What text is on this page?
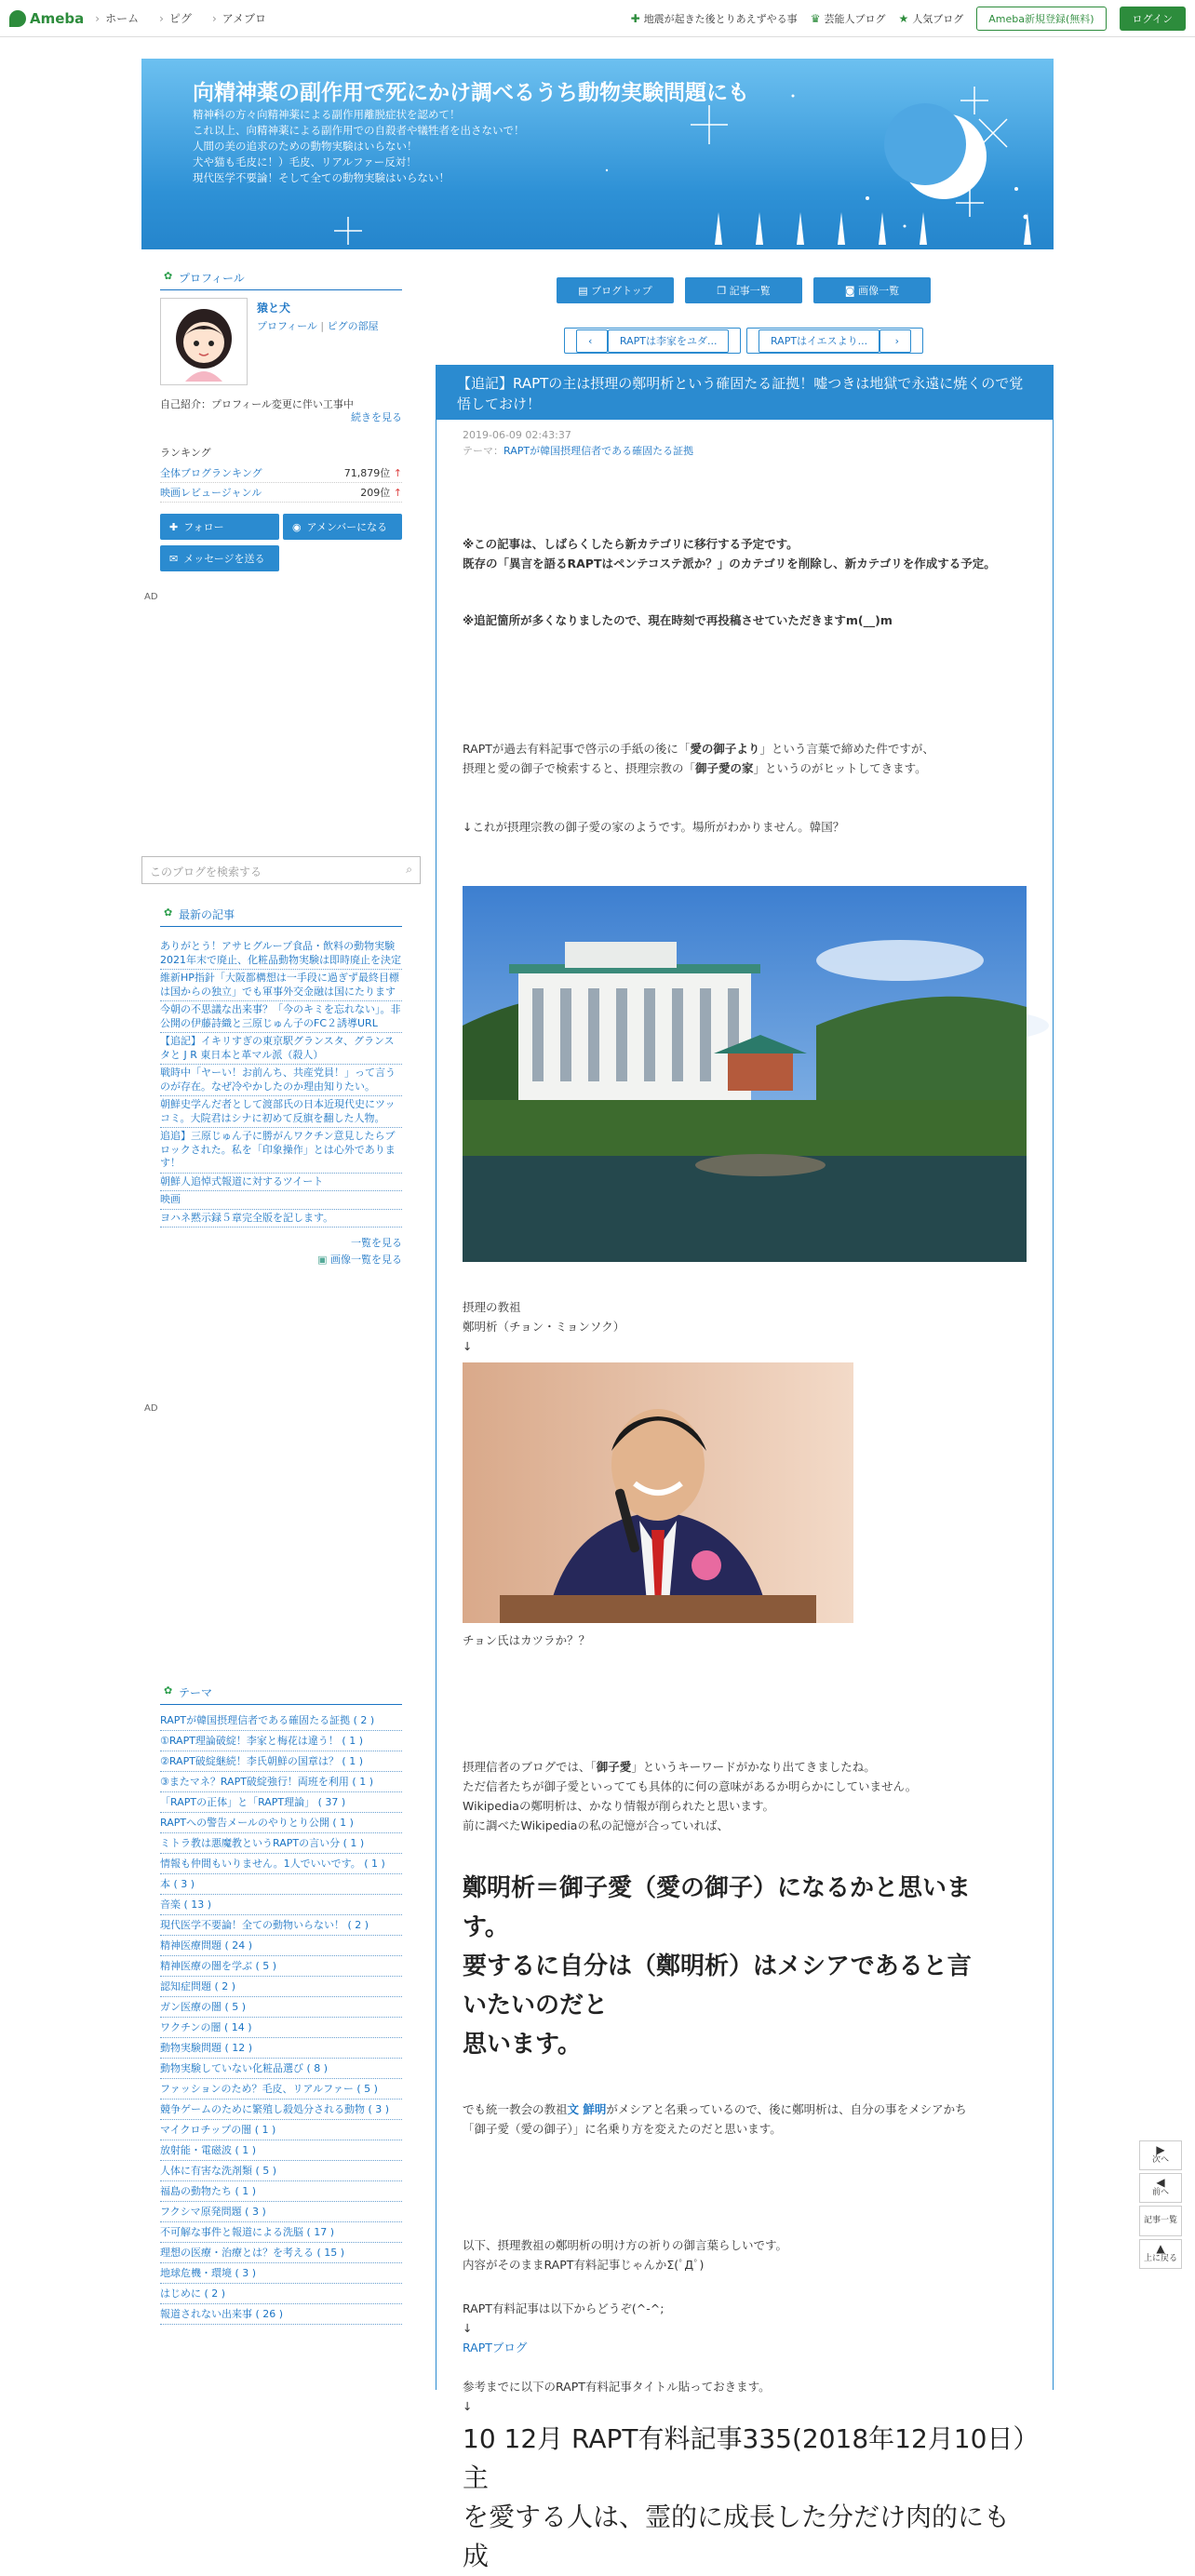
Ameba	› ホーム	› ピグ	› アメブロ	✚ 地震が起きた後とりあえずやる事 ♛ 芸能人ブログ ★ 人気ブログ	Ameba新規登録(無料)	ログイン
向精神薬の副作用で死にかけ調べるうち動物実験問題にも
精神科の方々向精神薬による副作用離脱症状を認めて！
これ以上、向精神薬による副作用での自殺者や犠牲者を出さないで！
人間の美の追求のための動物実験はいらない！
犬や猫も毛皮に！）毛皮、リアルファー反対！
現代医学不要論！そして全ての動物実験はいらない！
✿ プロフィール
猿と犬
プロフィール | ピグの部屋
自己紹介：プロフィール変更に伴い工事中
続きを見る
ランキング
全体ブログランキング	71,879位 ↑
映画レビュージャンル	209位 ↑
✚ フォロー	◉ アメンバーになる
✉ メッセージを送る
AD
このブログを検索する	⌕
✿ 最新の記事
ありがとう！アサヒグループ食品・飲料の動物実験2021年末で廃止、化粧品動物実験は即時廃止を決定
維新HP指針「大阪都構想は一手段に過ぎず最終目標は国からの独立」でも軍事外交金融は国にたります
今朝の不思議な出来事？「今のキミを忘れない」。非公開の伊藤詩織と三原じゅん子のFC２誘導URL
【追記】イキリすぎの東京駅グランスタ、グランスタと J R 東日本と革マル派（殺人）
戦時中「ヤーい！お前んち、共産党員！」って言うのが存在。なぜ冷やかしたのか理由知りたい。
朝鮮史学んだ者として渡部氏の日本近現代史にツッコミ。大院君はシナに初めて反旗を翻した人物。
追追】三原じゅん子に勝がんワクチン意見したらブロックされた。私を「印象操作」とは心外であります！
朝鮮人追悼式報道に対するツイート
映画
ヨハネ黙示録５章完全版を記します。
一覧を見る
▣ 画像一覧を見る
AD
✿ テーマ
RAPTが韓国摂理信者である確固たる証拠 ( 2 )
①RAPT理論破綻！李家と梅花は違う！ ( 1 )
②RAPT破綻継続！李氏朝鮮の国章は？ ( 1 )
③またマネ？RAPT破綻強行！両班を利用 ( 1 )
「RAPTの正体」と「RAPT理論」 ( 37 )
RAPTへの警告メールのやりとり公開 ( 1 )
ミトラ教は悪魔教というRAPTの言い分 ( 1 )
情報も仲間もいりません。1人でいいです。 ( 1 )
本 ( 3 )
音楽 ( 13 )
現代医学不要論！全ての動物いらない！ ( 2 )
精神医療問題 ( 24 )
精神医療の闇を学ぶ ( 5 )
認知症問題 ( 2 )
ガン医療の闇 ( 5 )
ワクチンの闇 ( 14 )
動物実験問題 ( 12 )
動物実験していない化粧品選び ( 8 )
ファッションのため？毛皮、リアルファー ( 5 )
競争ゲームのために繁殖し殺処分される動物 ( 3 )
マイクロチップの闇 ( 1 )
放射能・電磁波 ( 1 )
人体に有害な洗剤類 ( 5 )
福島の動物たち ( 1 )
フクシマ原発問題 ( 3 )
不可解な事件と報道による洗脳 ( 17 )
理想の医療・治療とは？を考える ( 15 )
地球危機・環境 ( 3 )
はじめに ( 2 )
報道されない出来事 ( 26 )
▤ ブログトップ	❐ 記事一覧	◙ 画像一覧
‹ RAPTは李家をユダ...	RAPTはイエスより... ›
【追記】RAPTの主は摂理の鄭明析という確固たる証拠！嘘つきは地獄で永遠に焼くので覚悟しておけ！
2019-06-09 02:43:37
テーマ：RAPTが韓国摂理信者である確固たる証拠
※この記事は、しばらくしたら新カテゴリに移行する予定です。
既存の「異言を語るRAPTはペンテコステ派か？」のカテゴリを削除し、新カテゴリを作成する予定。
※追記箇所が多くなりましたので、現在時刻で再投稿させていただきますm(__)m
RAPTが過去有料記事で啓示の手紙の後に「愛の御子より」という言葉で締めた件ですが、
摂理と愛の御子で検索すると、摂理宗教の「御子愛の家」というのがヒットしてきます。
↓これが摂理宗教の御子愛の家のようです。場所がわかりません。韓国？
摂理の教祖
鄭明析（チョン・ミョンソク）
↓
チョン氏はカツラか？？
摂理信者のブログでは、「御子愛」というキーワードがかなり出てきましたね。
ただ信者たちが御子愛といってても具体的に何の意味があるか明らかにしていません。
Wikipediaの鄭明析は、かなり情報が削られたと思います。
前に調べたWikipediaの私の記憶が合っていれば、
鄭明析＝御子愛（愛の御子）になるかと思いま
す。
要するに自分は（鄭明析）はメシアであると言
いたいのだと
思います。
でも統一教会の教祖文 鮮明がメシアと名乗っているので、後に鄭明析は、自分の事をメシアかち
「御子愛（愛の御子）」に名乗り方を変えたのだと思います。
以下、摂理教祖の鄭明析の明け方の祈りの御言葉らしいです。
内容がそのままRAPT有料記事じゃんかΣ(ﾟДﾟ)
RAPT有料記事は以下からどうぞ(^-^;
↓
RAPTブログ
参考までに以下のRAPT有料記事タイトル貼っておきます。
↓
10 12月 RAPT有料記事335(2018年12月10日）主
を愛する人は、霊的に成長した分だけ肉的にも成
▶
次へ
◀
前へ
記事一覧
▲
上に戻る
